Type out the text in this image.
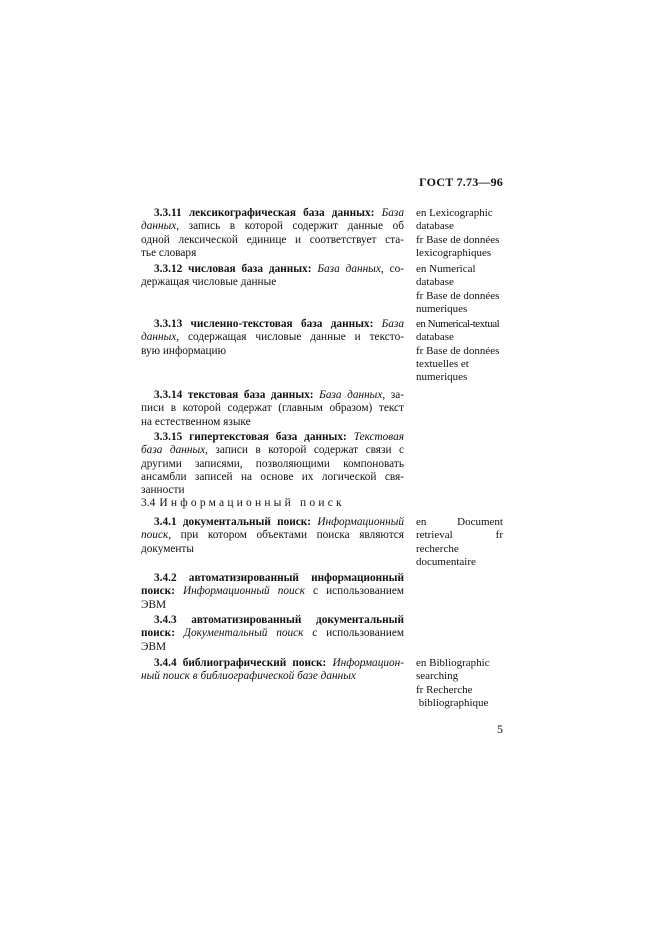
ГОСТ 7.73—96

3.3.11 лексикографическая база данных: База

данных, запись в которой содержит данные об

одной лексической единице и соответствует ста-

тье словаря

en Lexicographic
database
fr Base de données
lexicographiques

3.3.12 числовая база данных: База данных, со-

держащая числовые данные

en Numerical
database
fr Base de données
numeriques

3.3.13 численно-текстовая база данных: База

данных, содержащая числовые данные и тексто-

вую информацию

en Numerical-textual
database
fr Base de données
textuelles et
numeriques

3.3.14 текстовая база данных: База данных, за-

писи в которой содержат (главным образом) текст

на естественном языке

3.3.15 гипертекстовая база данных: Текстовая

база данных, записи в которой содержат связи с

другими записями, позволяющими компоновать

ансамбли записей на основе их логической свя-

занности

3.4 Информационный поиск

3.4.1 документальный поиск: Информационный

поиск, при котором объектами поиска являются

документы

en	Document
retrieval	fr
recherche
documentaire

3.4.2 автоматизированный информационный

поиск: Информационный поиск с использованием

ЭВМ

3.4.3 автоматизированный документальный

поиск: Документальный поиск с использованием

ЭВМ

3.4.4 библиографический поиск: Информацион-

ный поиск в библиографической базе данных

en Bibliographic
searching
fr Recherche
bibliographique
5
